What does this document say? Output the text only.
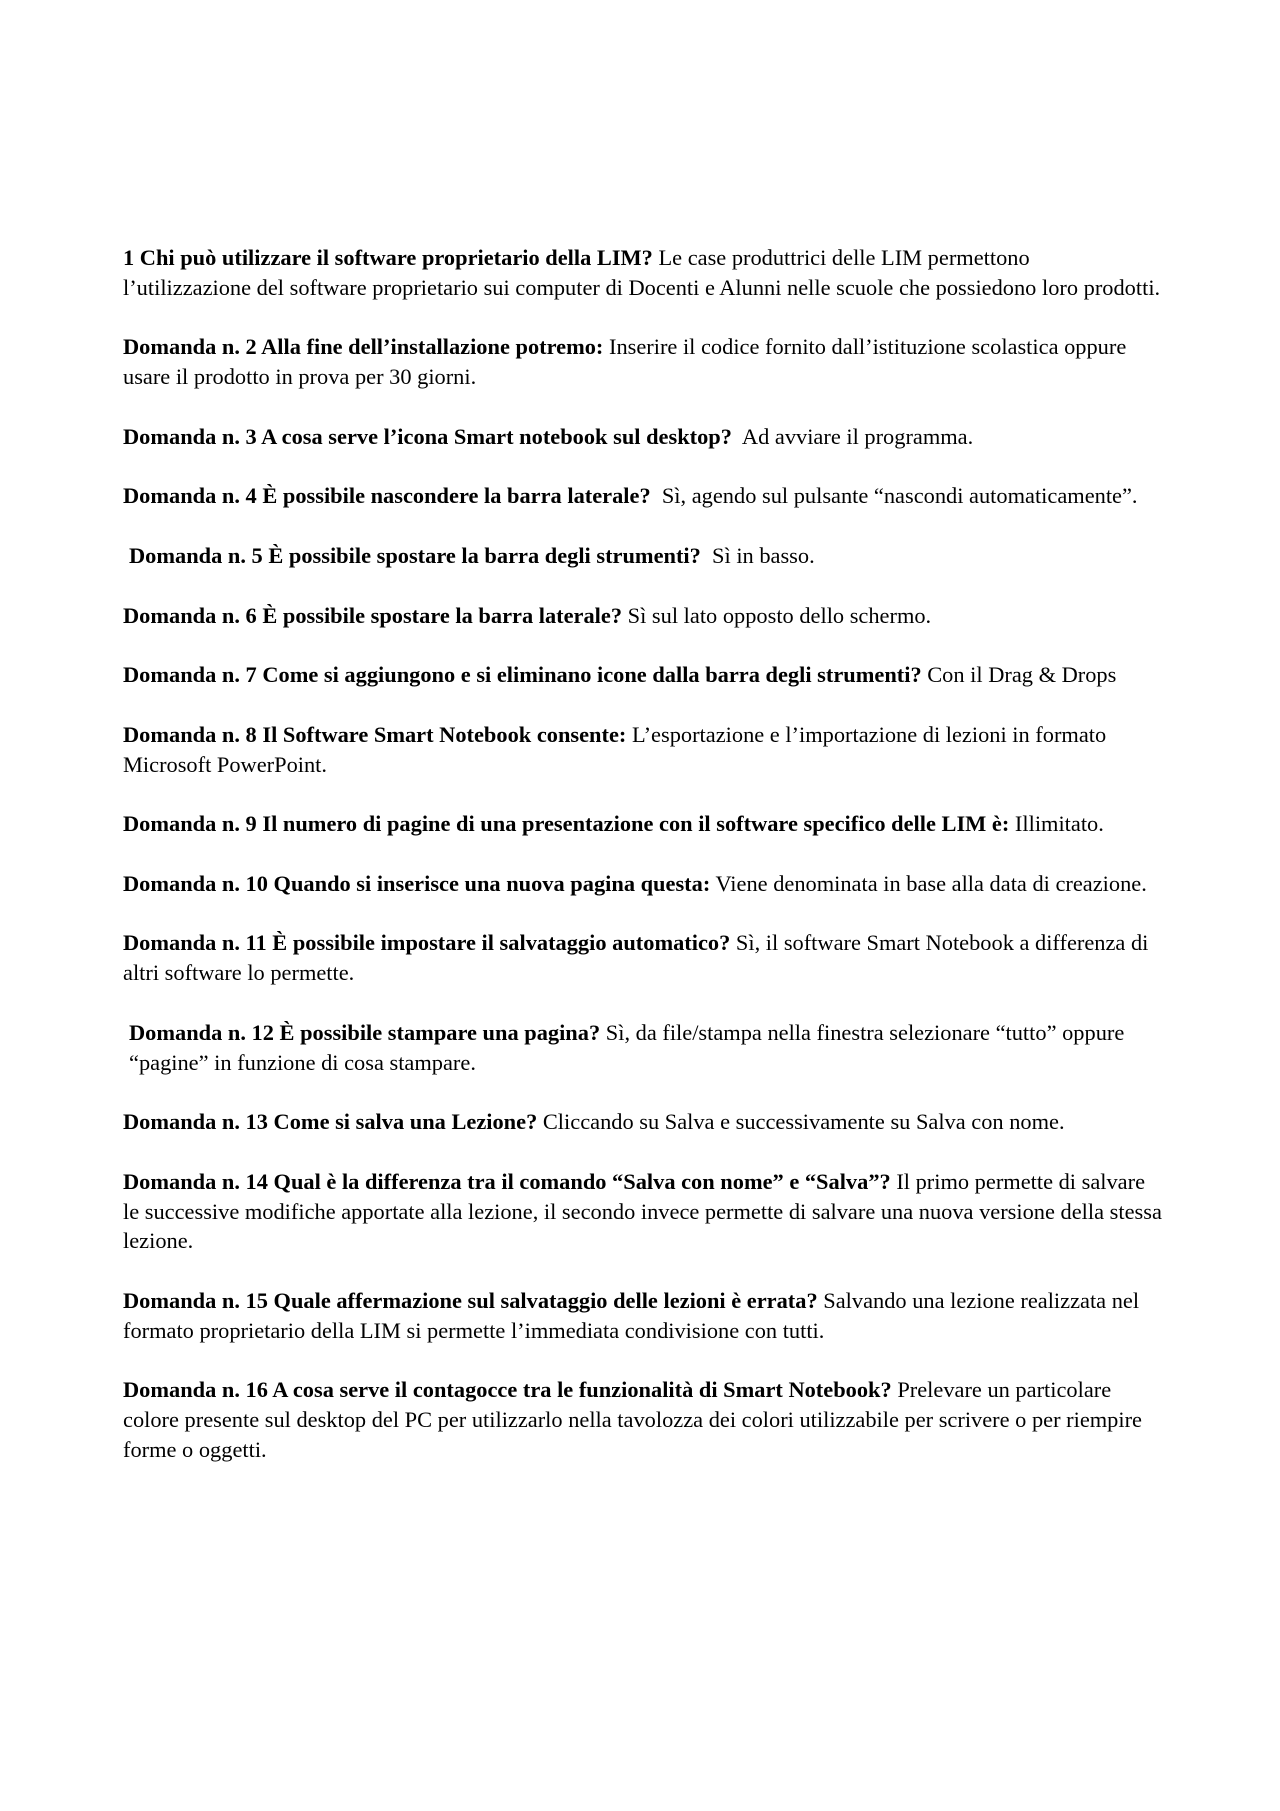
1 Chi può utilizzare il software proprietario della LIM? Le case produttrici delle LIM permettono l’utilizzazione del software proprietario sui computer di Docenti e Alunni nelle scuole che possiedono loro prodotti.

Domanda n. 2 Alla fine dell’installazione potremo: Inserire il codice fornito dall’istituzione scolastica oppure usare il prodotto in prova per 30 giorni.

Domanda n. 3 A cosa serve l’icona Smart notebook sul desktop? Ad avviare il programma.

Domanda n. 4 È possibile nascondere la barra laterale? Sì, agendo sul pulsante “nascondi automaticamente”.

Domanda n. 5 È possibile spostare la barra degli strumenti? Sì in basso.

Domanda n. 6 È possibile spostare la barra laterale? Sì sul lato opposto dello schermo.

Domanda n. 7 Come si aggiungono e si eliminano icone dalla barra degli strumenti? Con il Drag & Drops

Domanda n. 8 Il Software Smart Notebook consente: L’esportazione e l’importazione di lezioni in formato Microsoft PowerPoint.

Domanda n. 9 Il numero di pagine di una presentazione con il software specifico delle LIM è: Illimitato.

Domanda n. 10 Quando si inserisce una nuova pagina questa: Viene denominata in base alla data di creazione.

Domanda n. 11 È possibile impostare il salvataggio automatico? Sì, il software Smart Notebook a differenza di altri software lo permette.

Domanda n. 12 È possibile stampare una pagina? Sì, da file/stampa nella finestra selezionare “tutto” oppure “pagine” in funzione di cosa stampare.

Domanda n. 13 Come si salva una Lezione? Cliccando su Salva e successivamente su Salva con nome.

Domanda n. 14 Qual è la differenza tra il comando “Salva con nome” e “Salva”? Il primo permette di salvare le successive modifiche apportate alla lezione, il secondo invece permette di salvare una nuova versione della stessa lezione.

Domanda n. 15 Quale affermazione sul salvataggio delle lezioni è errata? Salvando una lezione realizzata nel formato proprietario della LIM si permette l’immediata condivisione con tutti.

Domanda n. 16 A cosa serve il contagocce tra le funzionalità di Smart Notebook? Prelevare un particolare colore presente sul desktop del PC per utilizzarlo nella tavolozza dei colori utilizzabile per scrivere o per riempire forme o oggetti.
